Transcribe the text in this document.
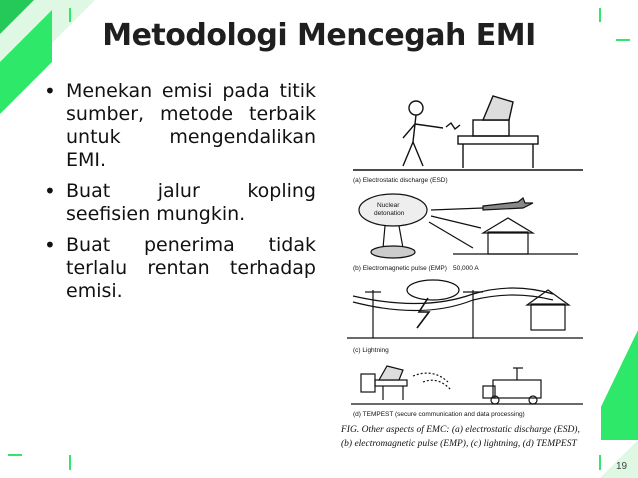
Metodologi Mencegah EMI
• Menekan emisi pada titik sumber, metode terbaik untuk mengendalikan EMI.
• Buat jalur kopling seefisien mungkin.
• Buat penerima tidak terlalu rentan terhadap emisi.
(a) Electrostatic discharge (ESD)
Nuclear
detonation
(b) Electromagnetic pulse (EMP) 50,000 A
(c) Lightning
(d) TEMPEST (secure communication and data processing)
FIG. Other aspects of EMC: (a) electrostatic discharge (ESD),
(b) electromagnetic pulse (EMP), (c) lightning, (d) TEMPEST
19
